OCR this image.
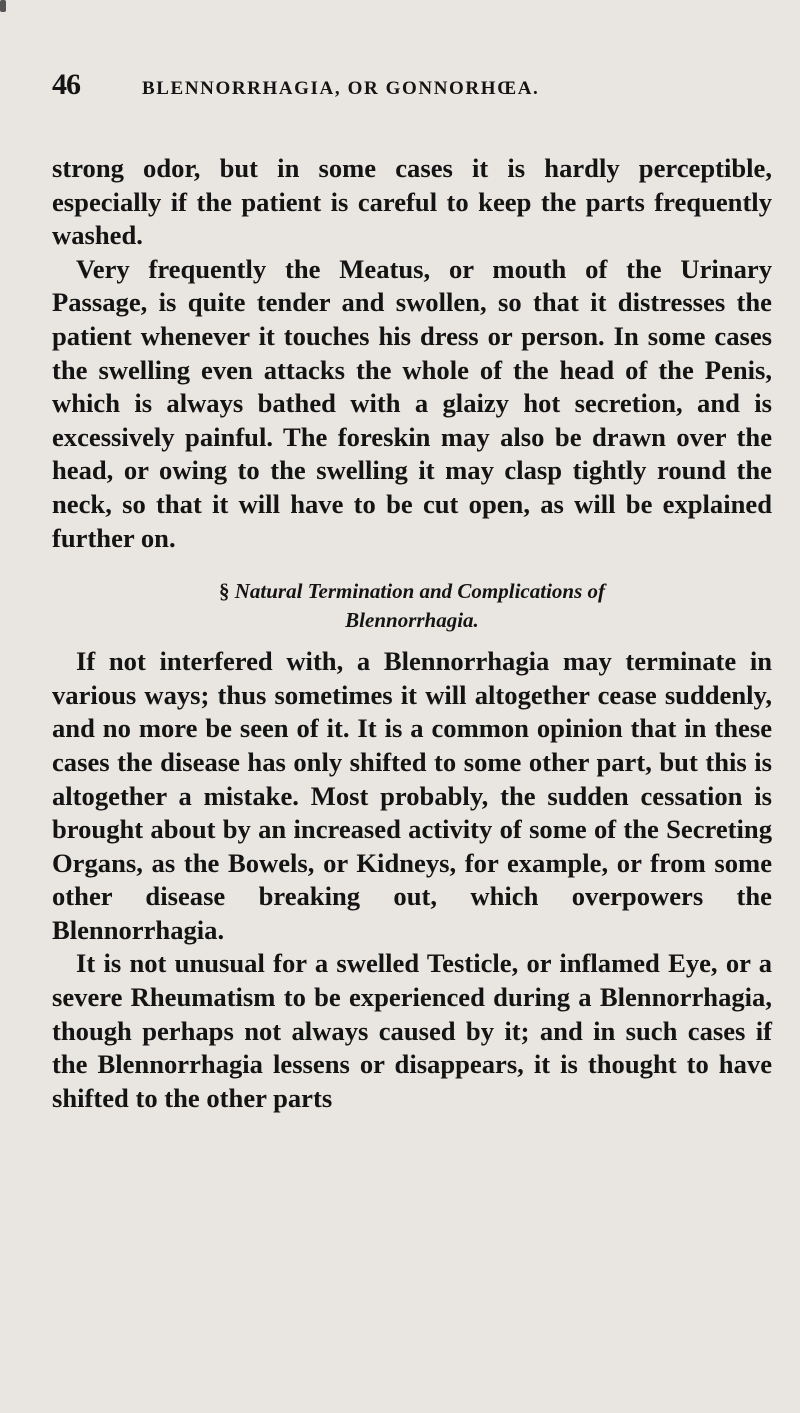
46	BLENNORRHAGIA, OR GONNORHŒA.

strong odor, but in some cases it is hardly perceptible, especially if the patient is careful to keep the parts frequently washed.

Very frequently the Meatus, or mouth of the Urinary Passage, is quite tender and swollen, so that it distresses the patient whenever it touches his dress or person. In some cases the swelling even attacks the whole of the head of the Penis, which is always bathed with a glaizy hot secretion, and is excessively painful. The foreskin may also be drawn over the head, or owing to the swelling it may clasp tightly round the neck, so that it will have to be cut open, as will be explained further on.

§ Natural Termination and Complications of
Blennorrhagia.

If not interfered with, a Blennorrhagia may terminate in various ways; thus sometimes it will altogether cease suddenly, and no more be seen of it. It is a common opinion that in these cases the disease has only shifted to some other part, but this is altogether a mistake. Most probably, the sudden cessation is brought about by an increased activity of some of the Secreting Organs, as the Bowels, or Kidneys, for example, or from some other disease breaking out, which overpowers the Blennorrhagia.

It is not unusual for a swelled Testicle, or inflamed Eye, or a severe Rheumatism to be experienced during a Blennorrhagia, though perhaps not always caused by it; and in such cases if the Blennorrhagia lessens or disappears, it is thought to have shifted to the other parts
